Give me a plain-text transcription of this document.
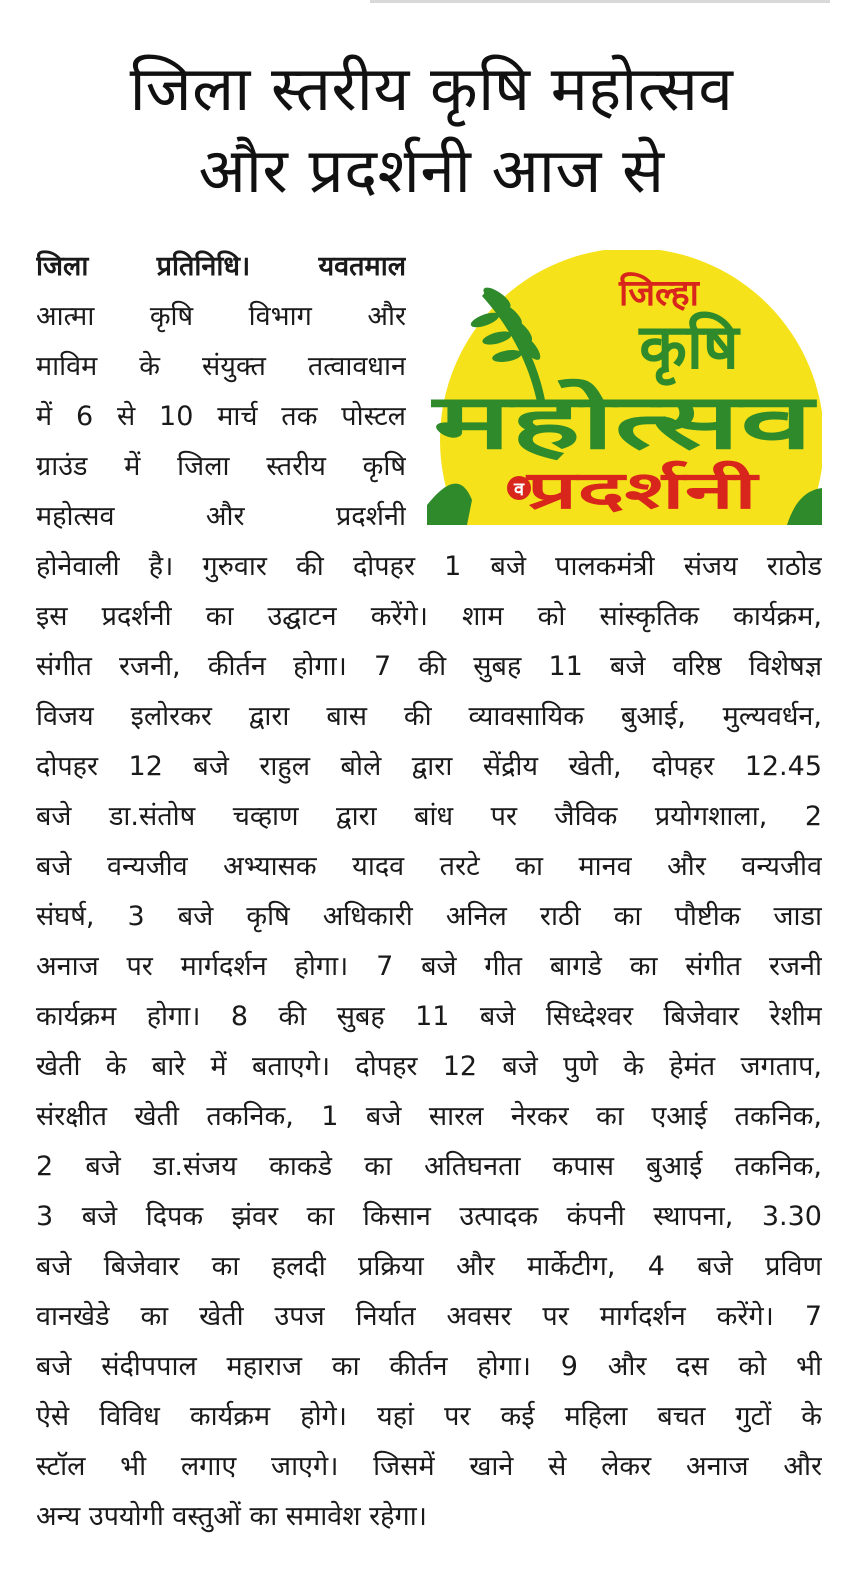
जिला स्तरीय कृषि महोत्सव
और प्रदर्शनी आज से
जिला प्रतिनिधि। यवतमाल
आत्मा कृषि विभाग और
माविम के संयुक्त तत्वावधान
में 6 से 10 मार्च तक पोस्टल
ग्राउंड में जिला स्तरीय कृषि
महोत्सव और प्रदर्शनी
जिल्हा
कृषि
महोत्सव
व प्रदर्शनी
होनेवाली है। गुरुवार की दोपहर 1 बजे पालकमंत्री संजय राठोड
इस प्रदर्शनी का उद्घाटन करेंगे। शाम को सांस्कृतिक कार्यक्रम,
संगीत रजनी, कीर्तन होगा। 7 की सुबह 11 बजे वरिष्ठ विशेषज्ञ
विजय इलोरकर द्वारा बास की व्यावसायिक बुआई, मुल्यवर्धन,
दोपहर 12 बजे राहुल बोले द्वारा सेंद्रीय खेती, दोपहर 12.45
बजे डा.संतोष चव्हाण द्वारा बांध पर जैविक प्रयोगशाला, 2
बजे वन्यजीव अभ्यासक यादव तरटे का मानव और वन्यजीव
संघर्ष, 3 बजे कृषि अधिकारी अनिल राठी का पौष्टीक जाडा
अनाज पर मार्गदर्शन होगा। 7 बजे गीत बागडे का संगीत रजनी
कार्यक्रम होगा। 8 की सुबह 11 बजे सिध्देश्वर बिजेवार रेशीम
खेती के बारे में बताएगे। दोपहर 12 बजे पुणे के हेमंत जगताप,
संरक्षीत खेती तकनिक, 1 बजे सारल नेरकर का एआई तकनिक,
2 बजे डा.संजय काकडे का अतिघनता कपास बुआई तकनिक,
3 बजे दिपक झंवर का किसान उत्पादक कंपनी स्थापना, 3.30
बजे बिजेवार का हलदी प्रक्रिया और मार्केटीग, 4 बजे प्रविण
वानखेडे का खेती उपज निर्यात अवसर पर मार्गदर्शन करेंगे। 7
बजे संदीपपाल महाराज का कीर्तन होगा। 9 और दस को भी
ऐसे विविध कार्यक्रम होगे। यहां पर कई महिला बचत गुटों के
स्टॉल भी लगाए जाएगे। जिसमें खाने से लेकर अनाज और
अन्य उपयोगी वस्तुओं का समावेश रहेगा।
